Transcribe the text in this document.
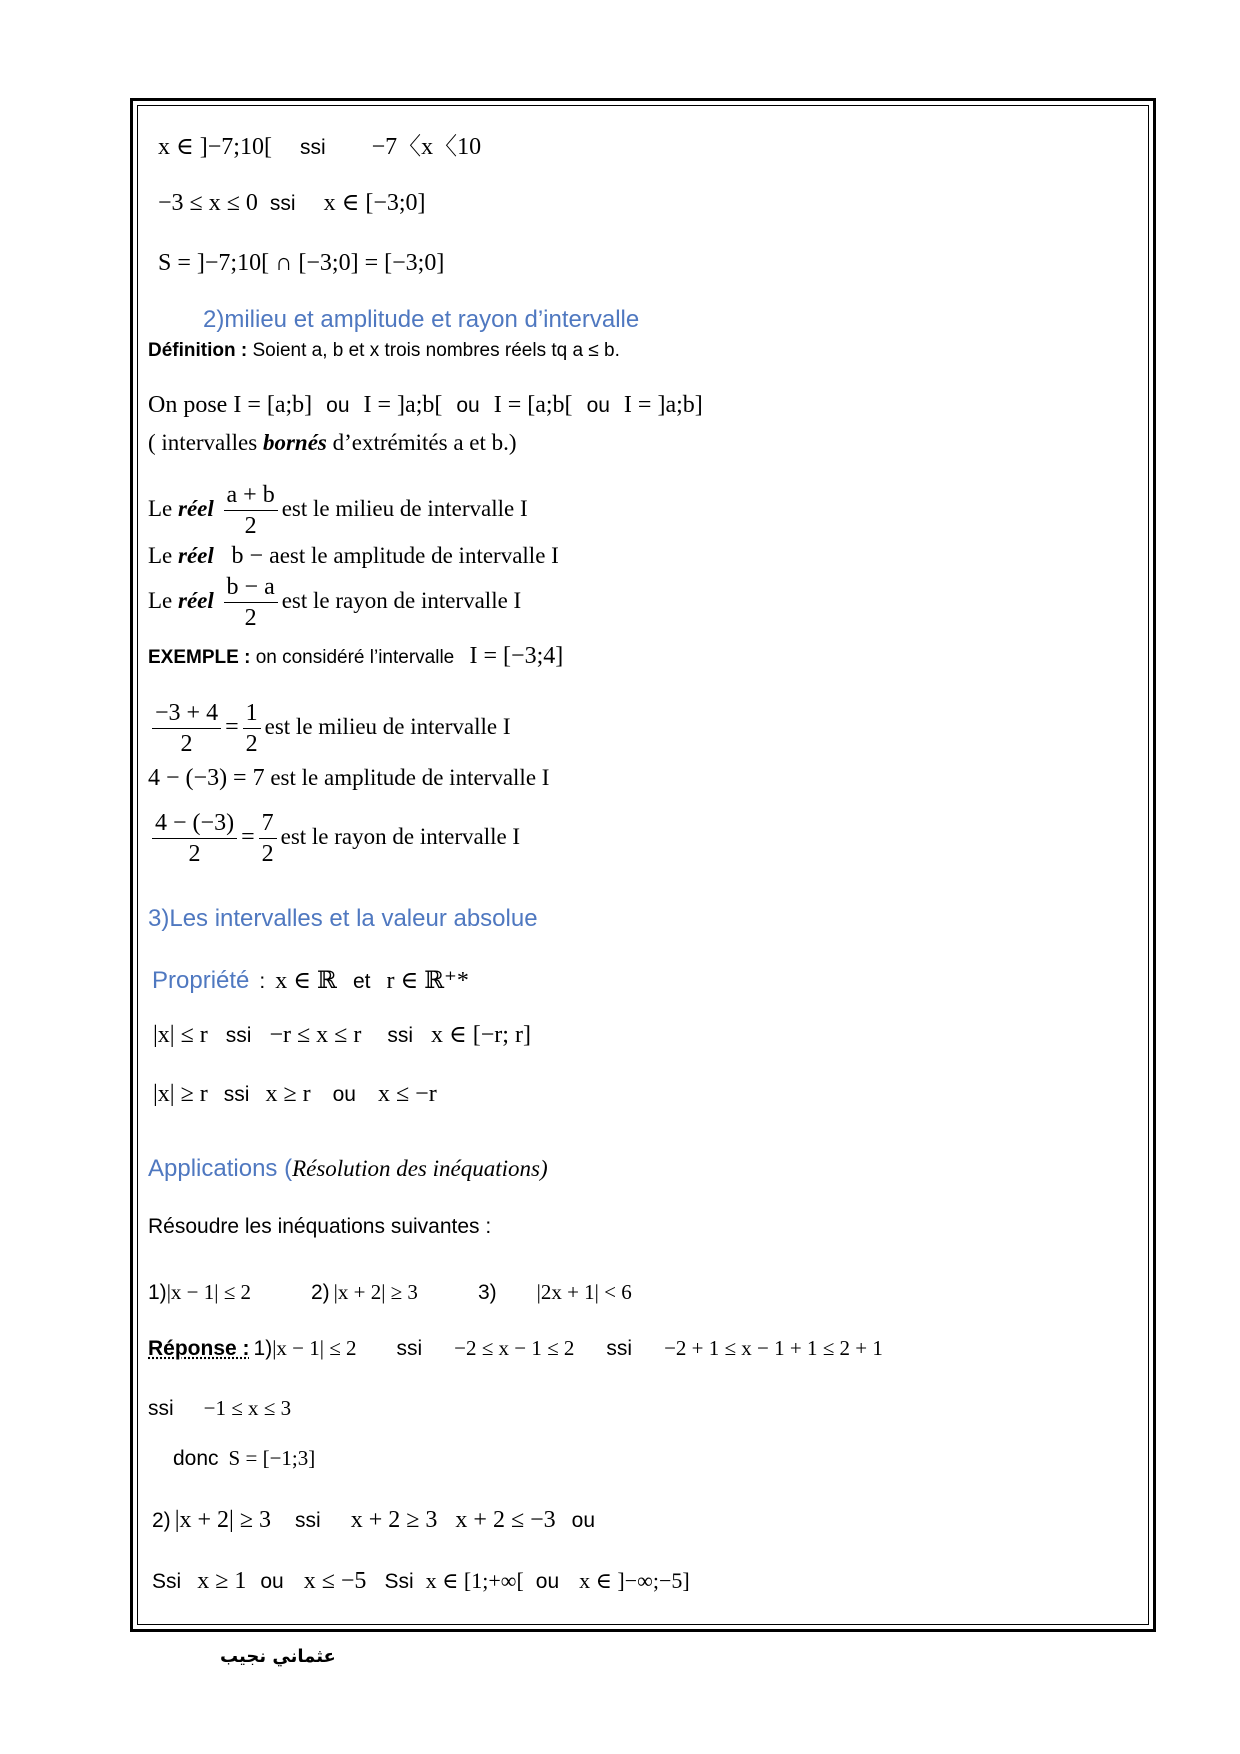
x ∈ ]−7;10[ ssi −7〈x〈10
−3 ≤ x ≤ 0 ssi x ∈ [−3;0]
S = ]−7;10[ ∩ [−3;0] = [−3;0]
2)milieu et amplitude et rayon d’intervalle
Définition : Soient a, b et x trois nombres réels tq a ≤ b.
On pose I = [a;b] ou I = ]a;b[ ou I = [a;b[ ou I = ]a;b]
( intervalles bornés d’extrémités a et b.)
Le réel $\frac{a + b}{2}$ est le milieu de intervalle I
Le réel b − aest le amplitude de intervalle I
Le réel $\frac{b - a}{2}$ est le rayon de intervalle I
EXEMPLE : on considéré l’intervalle I = [−3;4]
$\frac{-3 + 4}{2} = \frac{1}{2}$ est le milieu de intervalle I
4 − (−3) = 7 est le amplitude de intervalle I
$\frac{4 - (-3)}{2} = \frac{7}{2}$ est le rayon de intervalle I
3)Les intervalles et la valeur absolue
Propriété : x ∈ ℝ et r ∈ ℝ⁺*
|x| ≤ r ssi −r ≤ x ≤ r ssi x ∈ [−r; r]
|x| ≥ r ssi x ≥ r ou x ≤ −r
Applications (Résolution des inéquations)
Résoudre les inéquations suivantes :
1)|x − 1| ≤ 2	2) |x + 2| ≥ 3	3) |2x + 1| < 6
Réponse : 1)|x − 1| ≤ 2 ssi −2 ≤ x − 1 ≤ 2 ssi −2 + 1 ≤ x − 1 + 1 ≤ 2 + 1
ssi −1 ≤ x ≤ 3
donc S = [−1;3]
2) |x + 2| ≥ 3 ssi x + 2 ≥ 3 x + 2 ≤ −3 ou
Ssi x ≥ 1 ou x ≤ −5 Ssi x ∈ [1;+∞[ ou x ∈ ]−∞;−5]
عثماني نجيب
